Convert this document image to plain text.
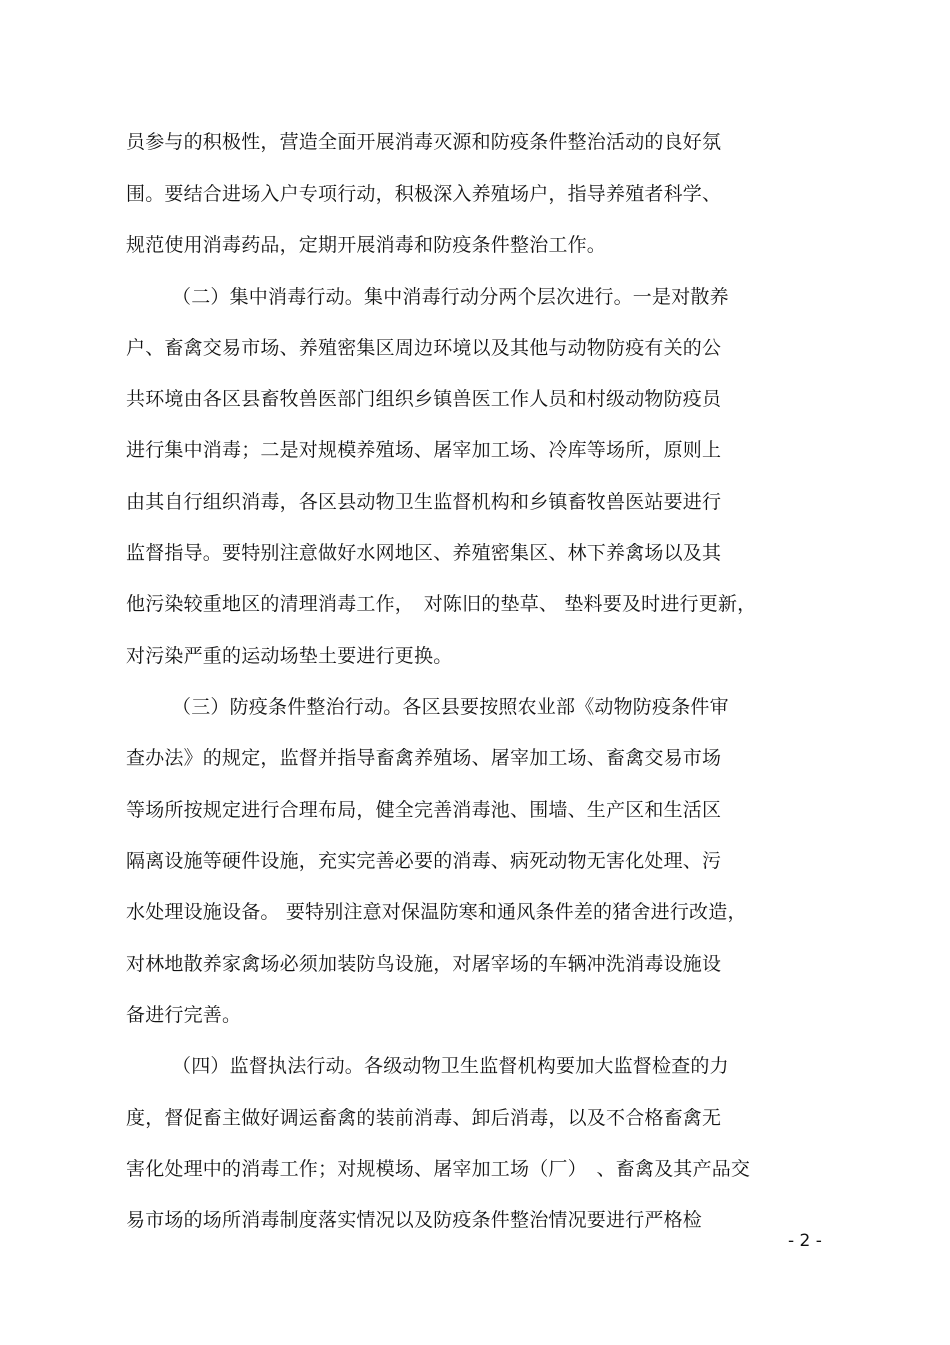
员参与的积极性，营造全面开展消毒灭源和防疫条件整治活动的良好氛
围。要结合进场入户专项行动，积极深入养殖场户，指导养殖者科学、
规范使用消毒药品，定期开展消毒和防疫条件整治工作。
（二）集中消毒行动。集中消毒行动分两个层次进行。一是对散养
户、畜禽交易市场、养殖密集区周边环境以及其他与动物防疫有关的公
共环境由各区县畜牧兽医部门组织乡镇兽医工作人员和村级动物防疫员
进行集中消毒；二是对规模养殖场、屠宰加工场、冷库等场所，原则上
由其自行组织消毒，各区县动物卫生监督机构和乡镇畜牧兽医站要进行
监督指导。要特别注意做好水网地区、养殖密集区、林下养禽场以及其
他污染较重地区的清理消毒工作，　对陈旧的垫草、 垫料要及时进行更新，
对污染严重的运动场垫土要进行更换。
（三）防疫条件整治行动。各区县要按照农业部《动物防疫条件审
查办法》的规定，监督并指导畜禽养殖场、屠宰加工场、畜禽交易市场
等场所按规定进行合理布局，健全完善消毒池、围墙、生产区和生活区
隔离设施等硬件设施，充实完善必要的消毒、病死动物无害化处理、污
水处理设施设备。 要特别注意对保温防寒和通风条件差的猪舍进行改造，
对林地散养家禽场必须加装防鸟设施，对屠宰场的车辆冲洗消毒设施设
备进行完善。
（四）监督执法行动。各级动物卫生监督机构要加大监督检查的力
度，督促畜主做好调运畜禽的装前消毒、卸后消毒，以及不合格畜禽无
害化处理中的消毒工作；对规模场、屠宰加工场（厂）　、畜禽及其产品交
易市场的场所消毒制度落实情况以及防疫条件整治情况要进行严格检
- 2 -
